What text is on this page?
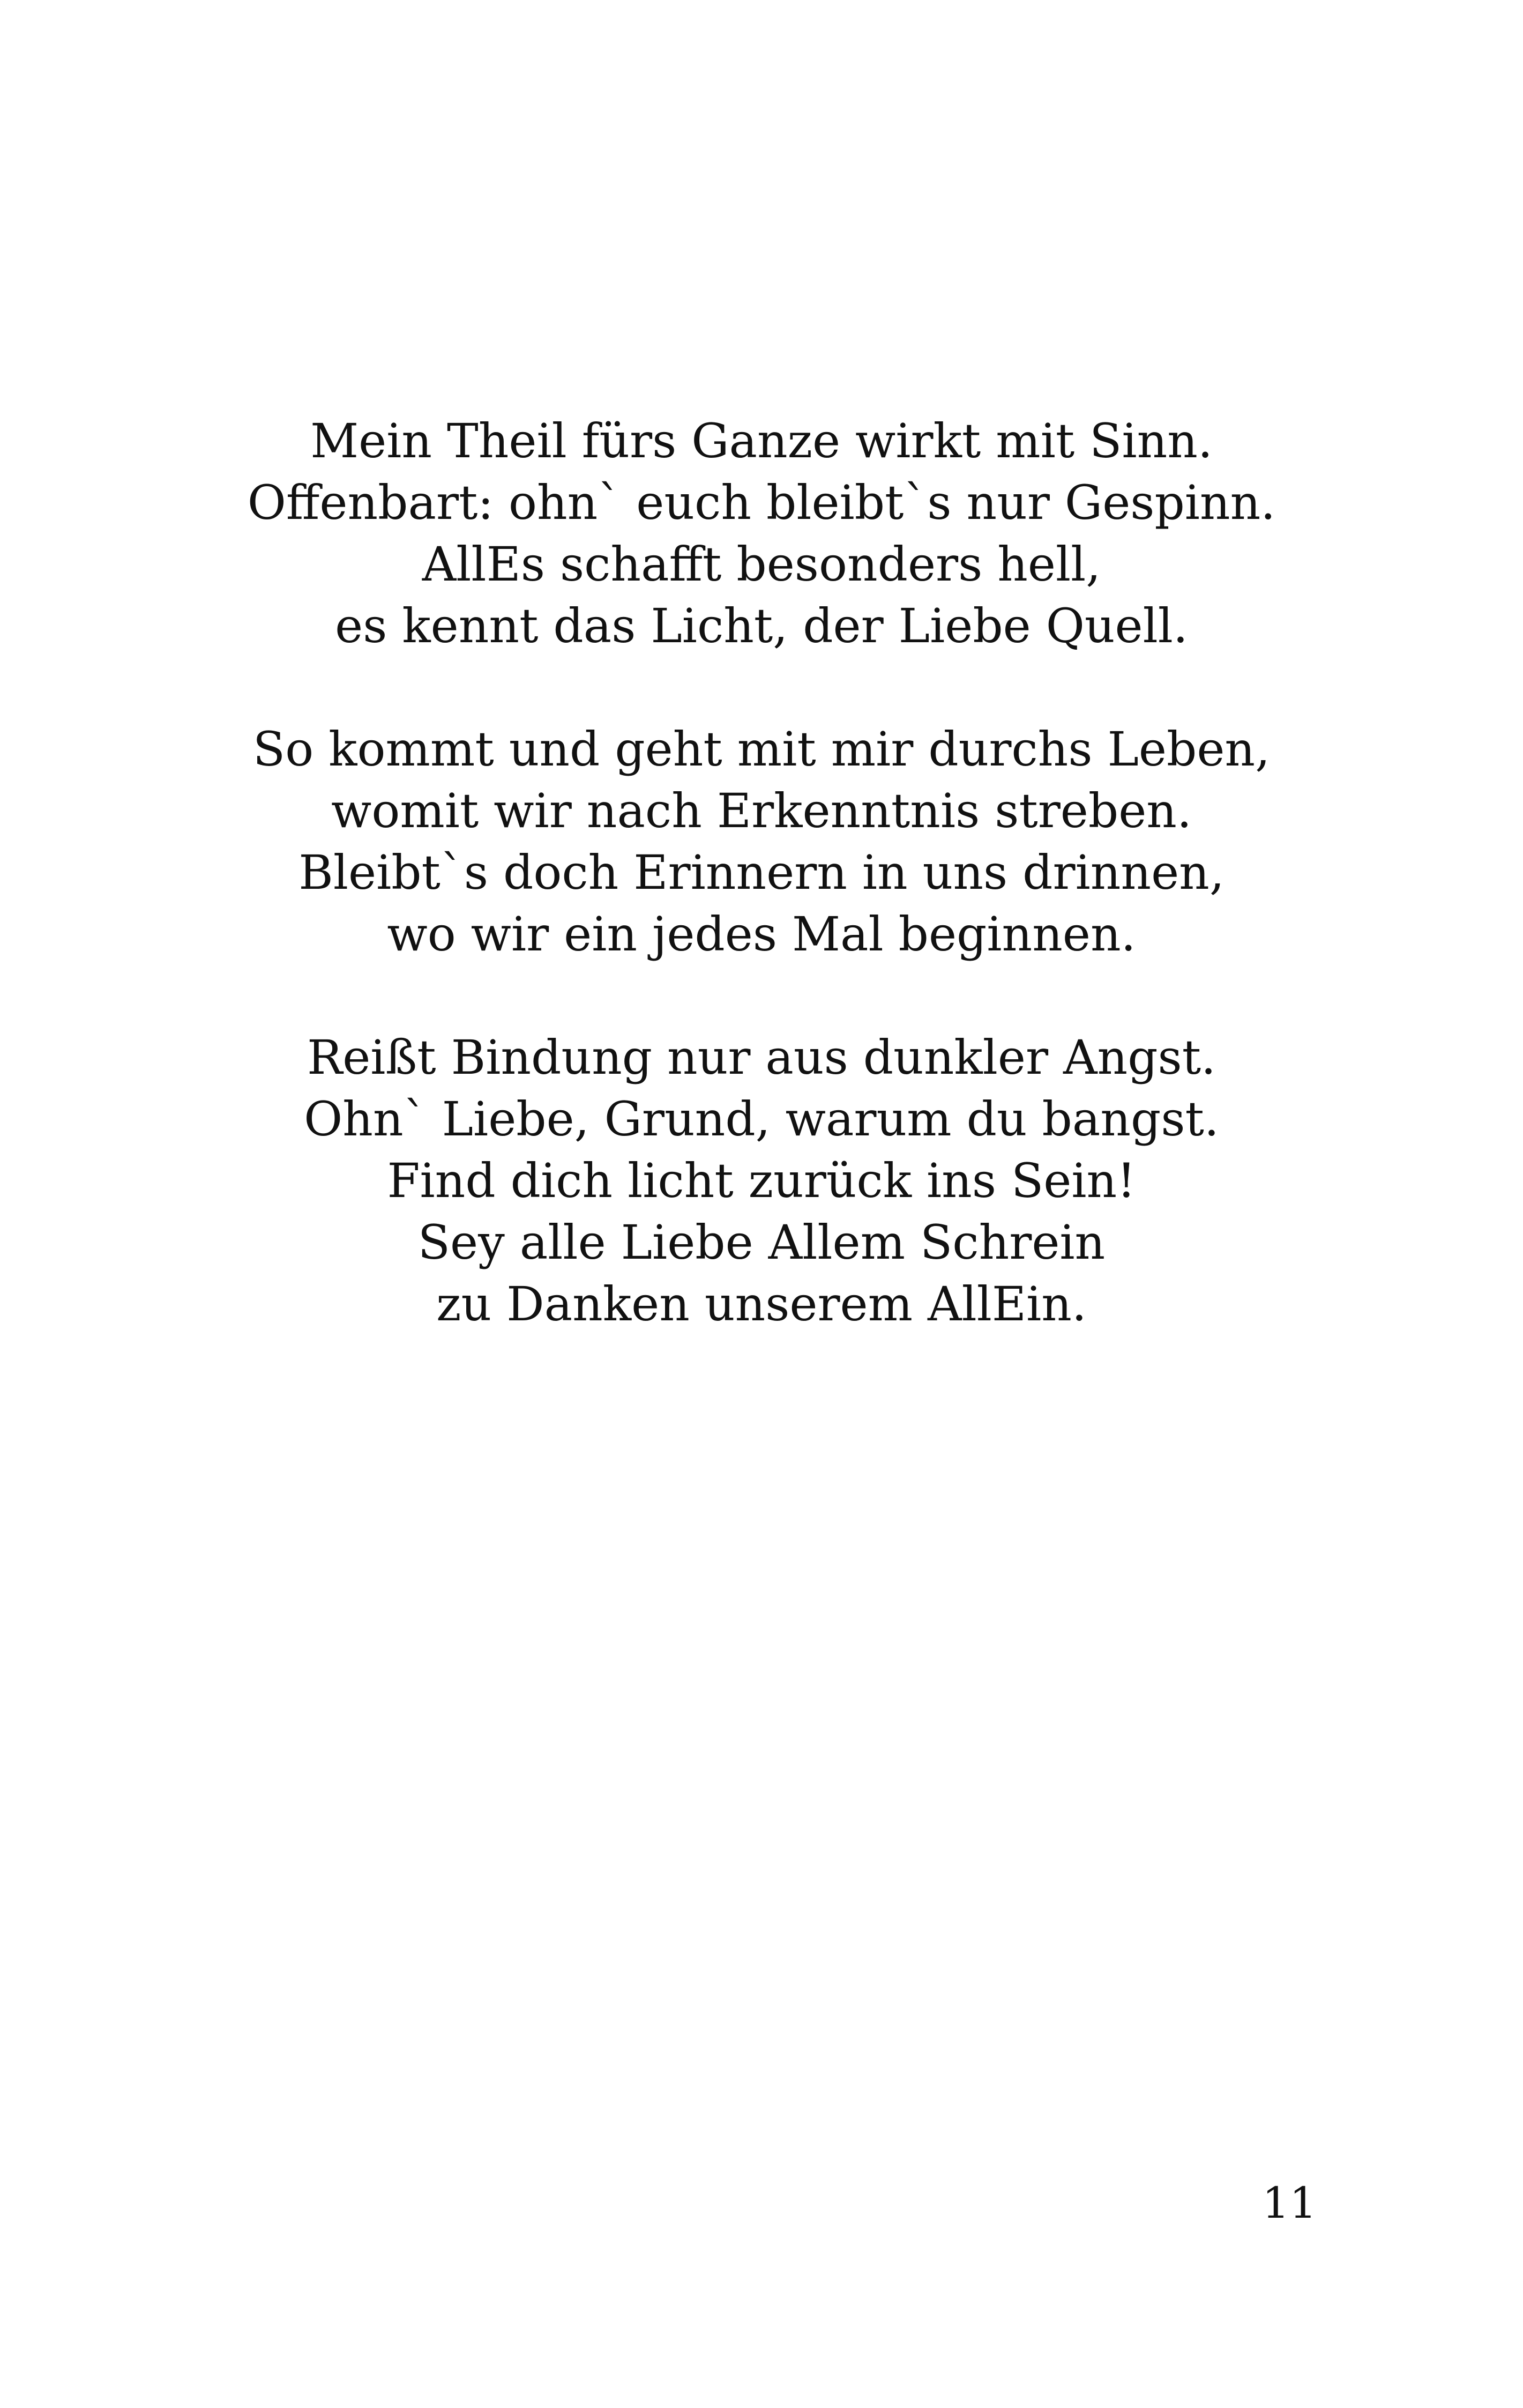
Mein Theil fürs Ganze wirkt mit Sinn.
Offenbart: ohn` euch bleibt`s nur Gespinn.
AllEs schafft besonders hell,
es kennt das Licht, der Liebe Quell.

So kommt und geht mit mir durchs Leben,
womit wir nach Erkenntnis streben.
Bleibt`s doch Erinnern in uns drinnen,
wo wir ein jedes Mal beginnen.

Reißt Bindung nur aus dunkler Angst.
Ohn` Liebe, Grund, warum du bangst.
Find dich licht zurück ins Sein!
Sey alle Liebe Allem Schrein
zu Danken unserem AllEin.

11
